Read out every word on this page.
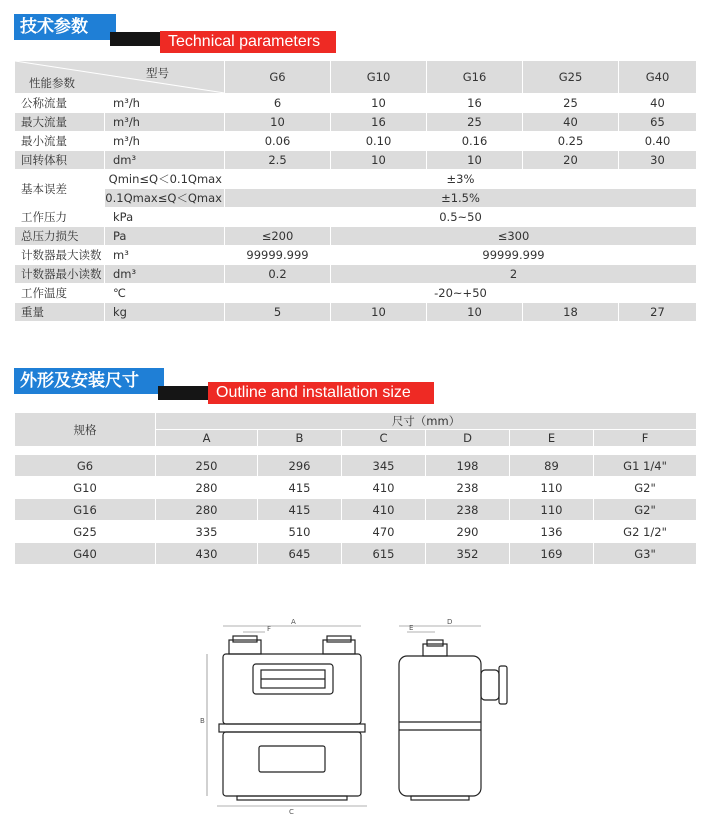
技术参数
Technical parameters
型号
性能参数		G6	G10	G16	G25	G40
公称流量	m³/h	6	10	16	25	40
最大流量	m³/h	10	16	25	40	65
最小流量	m³/h	0.06	0.10	0.16	0.25	0.40
回转体积	dm³	2.5	10	10	20	30
基本误差	Qmin≤Q＜0.1Qmax	±3%				
	0.1Qmax≤Q＜Qmax	±1.5%				
工作压力	kPa	0.5~50				
总压力损失	Pa	≤200	≤300			
计数器最大读数	m³	99999.999	99999.999			
计数器最小读数	dm³	0.2	2			
工作温度	℃	-20~+50				
重量	kg	5	10	10	18	27
外形及安装尺寸
Outline and installation size
规格	尺寸（mm）					
	A	B	C	D	E	F

G6	250	296	345	198	89	G1 1/4"
G10	280	415	410	238	110	G2"
G16	280	415	410	238	110	G2"
G25	335	510	470	290	136	G2 1/2"
G40	430	645	615	352	169	G3"
A
F
B
C
D
E
